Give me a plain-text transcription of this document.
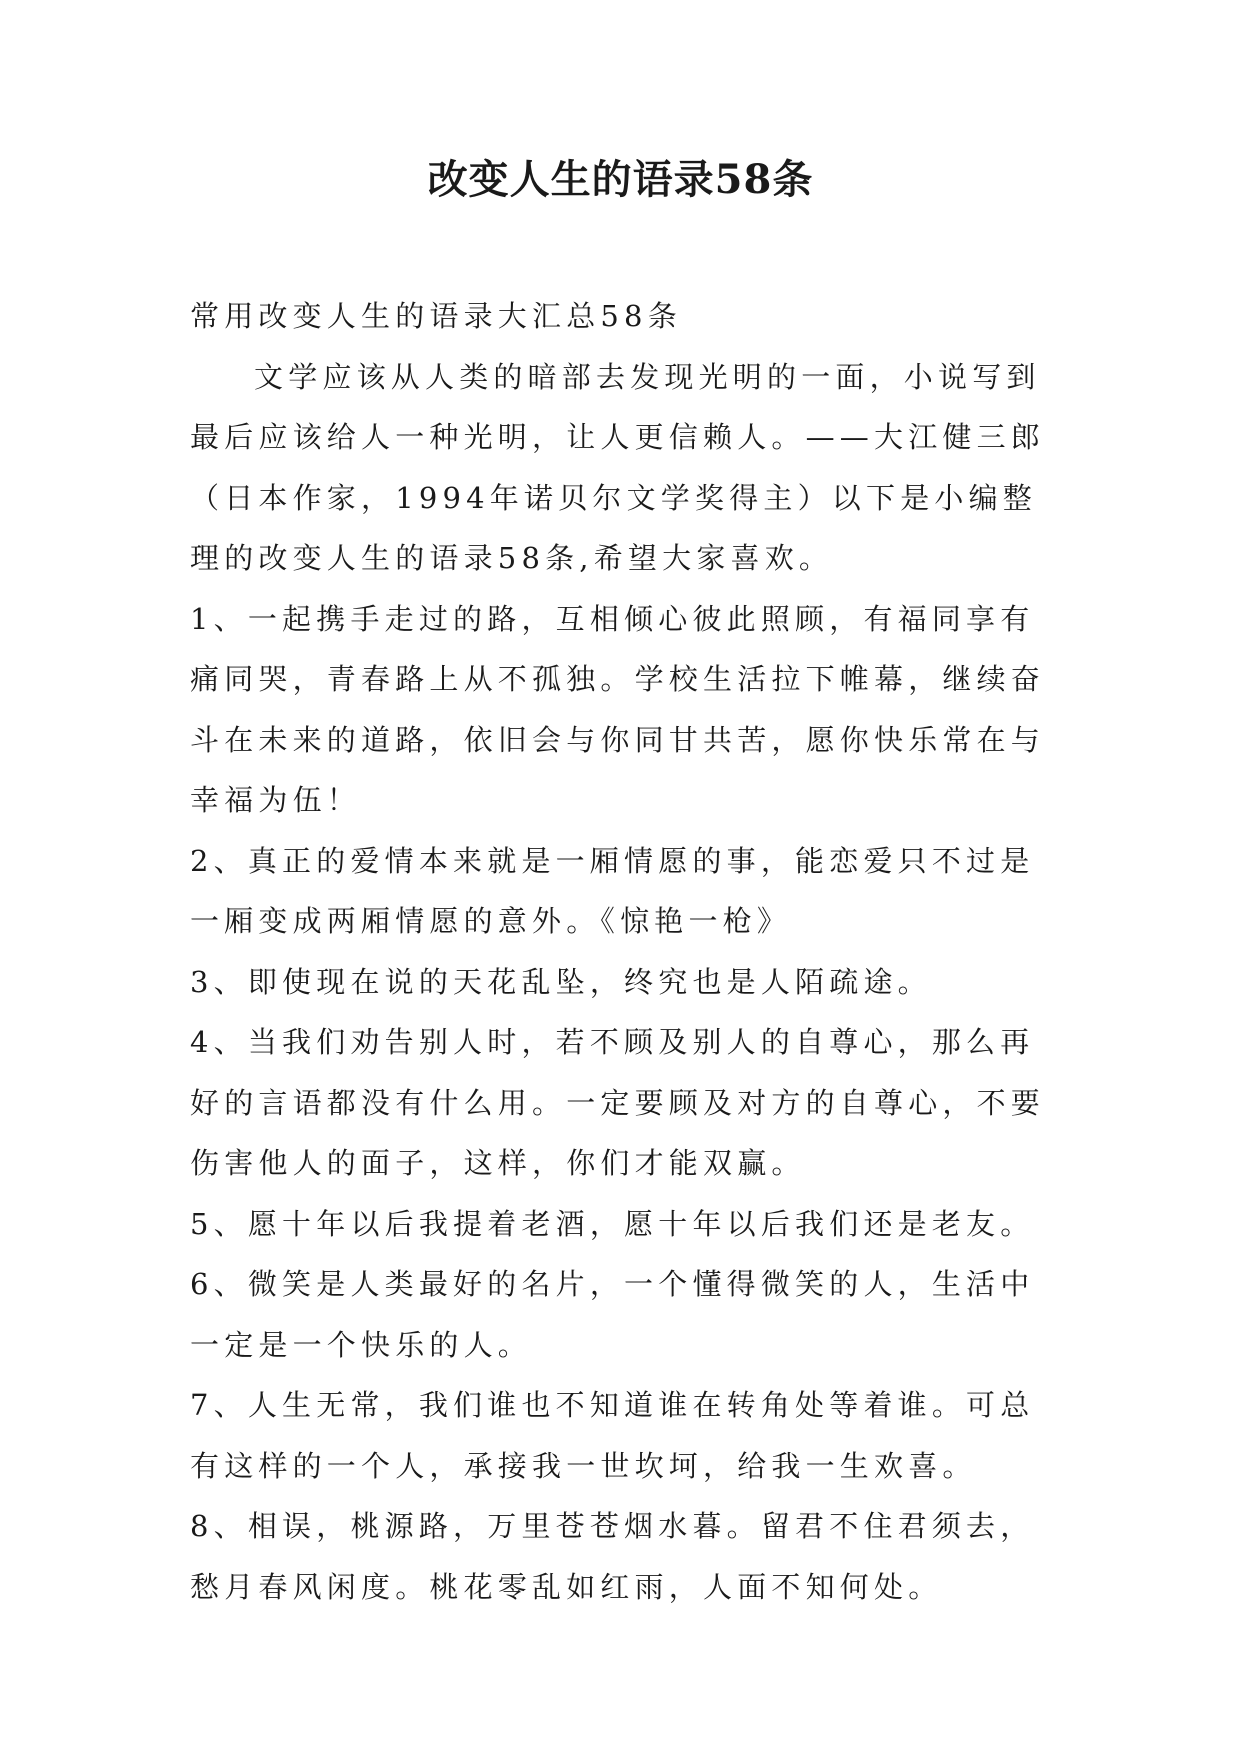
改变人生的语录58条

常用改变人生的语录大汇总58条

文学应该从人类的暗部去发现光明的一面，小说写到最后应该给人一种光明，让人更信赖人。——大江健三郎（日本作家，1994年诺贝尔文学奖得主）以下是小编整理的改变人生的语录58条,希望大家喜欢。

1、一起携手走过的路，互相倾心彼此照顾，有福同享有痛同哭，青春路上从不孤独。学校生活拉下帷幕，继续奋斗在未来的道路，依旧会与你同甘共苦，愿你快乐常在与幸福为伍！

2、真正的爱情本来就是一厢情愿的事，能恋爱只不过是一厢变成两厢情愿的意外。《惊艳一枪》

3、即使现在说的天花乱坠，终究也是人陌疏途。

4、当我们劝告别人时，若不顾及别人的自尊心，那么再好的言语都没有什么用。一定要顾及对方的自尊心，不要伤害他人的面子，这样，你们才能双赢。

5、愿十年以后我提着老酒，愿十年以后我们还是老友。

6、微笑是人类最好的名片，一个懂得微笑的人，生活中一定是一个快乐的人。

7、人生无常，我们谁也不知道谁在转角处等着谁。可总有这样的一个人，承接我一世坎坷，给我一生欢喜。

8、相误，桃源路，万里苍苍烟水暮。留君不住君须去，愁月春风闲度。桃花零乱如红雨，人面不知何处。
